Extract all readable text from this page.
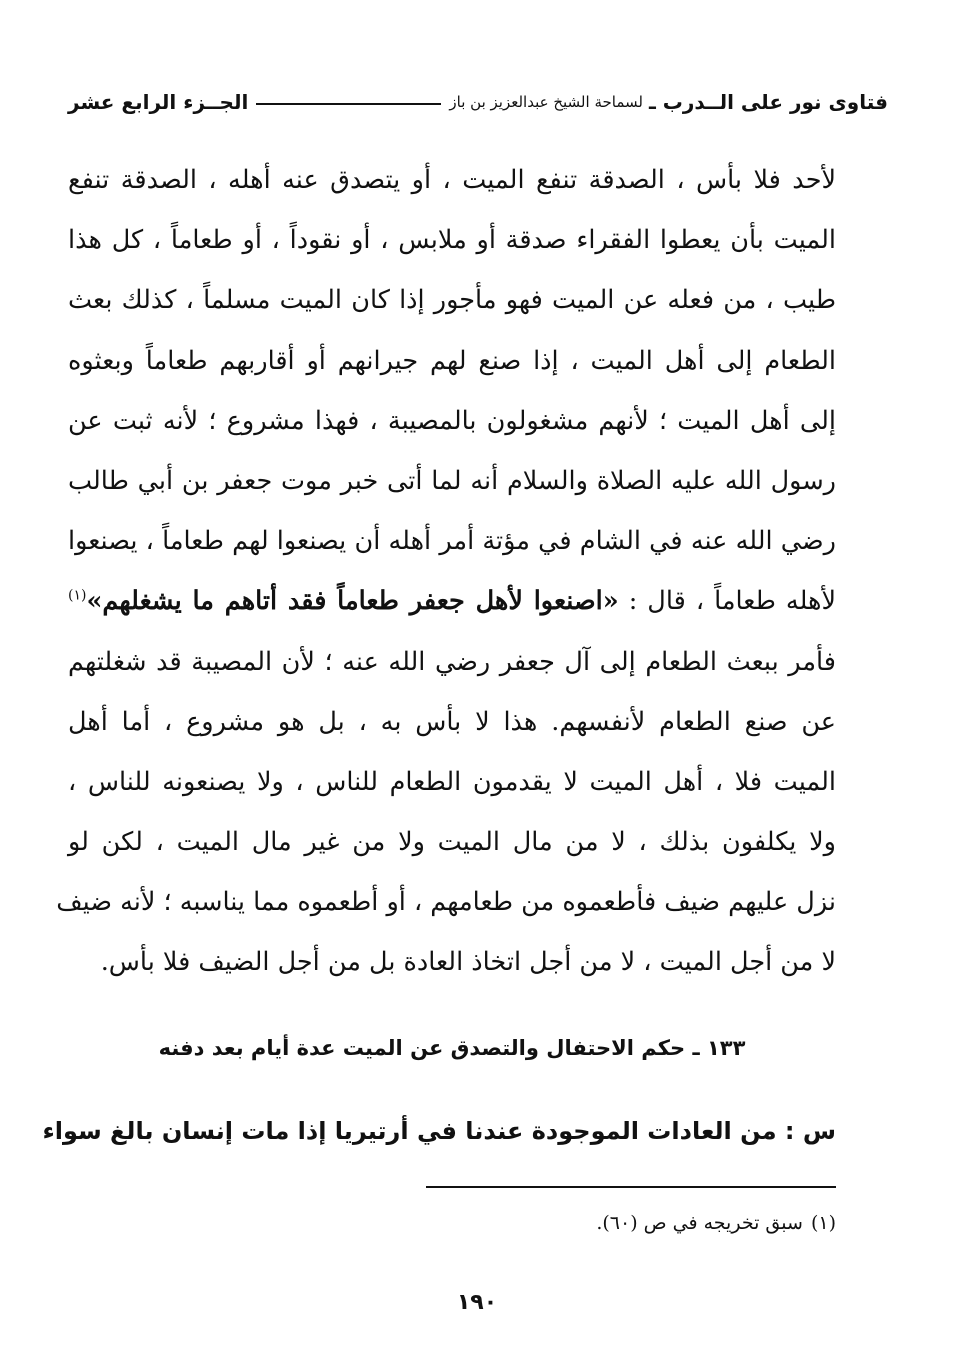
فتاوى نور على الــدرب ـ
لسماحة الشيخ عبدالعزيز بن باز
الجــزء الرابع عشر
لأحد فلا بأس ، الصدقة تنفع الميت ، أو يتصدق عنه أهله ، الصدقة تنفع
الميت بأن يعطوا الفقراء صدقة أو ملابس ، أو نقوداً ، أو طعاماً ، كل هذا
طيب ، من فعله عن الميت فهو مأجور إذا كان الميت مسلماً ، كذلك بعث
الطعام إلى أهل الميت ، إذا صنع لهم جيرانهم أو أقاربهم طعاماً وبعثوه
إلى أهل الميت ؛ لأنهم مشغولون بالمصيبة ، فهذا مشروع ؛ لأنه ثبت عن
رسول الله عليه الصلاة والسلام أنه لما أتى خبر موت جعفر بن أبي طالب
رضي الله عنه في الشام في مؤتة أمر أهله أن يصنعوا لهم طعاماً ، يصنعوا
لأهله طعاماً ، قال : «اصنعوا لأهل جعفر طعاماً فقد أتاهم ما يشغلهم»$^{(١)}$
فأمر ببعث الطعام إلى آل جعفر رضي الله عنه ؛ لأن المصيبة قد شغلتهم
عن صنع الطعام لأنفسهم. هذا لا بأس به ، بل هو مشروع ، أما أهل
الميت فلا ، أهل الميت لا يقدمون الطعام للناس ، ولا يصنعونه للناس ،
ولا يكلفون بذلك ، لا من مال الميت ولا من غير مال الميت ، لكن لو
نزل عليهم ضيف فأطعموه من طعامهم ، أو أطعموه مما يناسبه ؛ لأنه ضيف
لا من أجل الميت ، لا من أجل اتخاذ العادة بل من أجل الضيف فلا بأس.
١٣٣ ـ حكم الاحتفال والتصدق عن الميت عدة أيام بعد دفنه
س : من العادات الموجودة عندنا في أرتيريا إذا مات إنسان بالغ سواء
(١)سبق تخريجه في ص (٦٠).
١٩٠
